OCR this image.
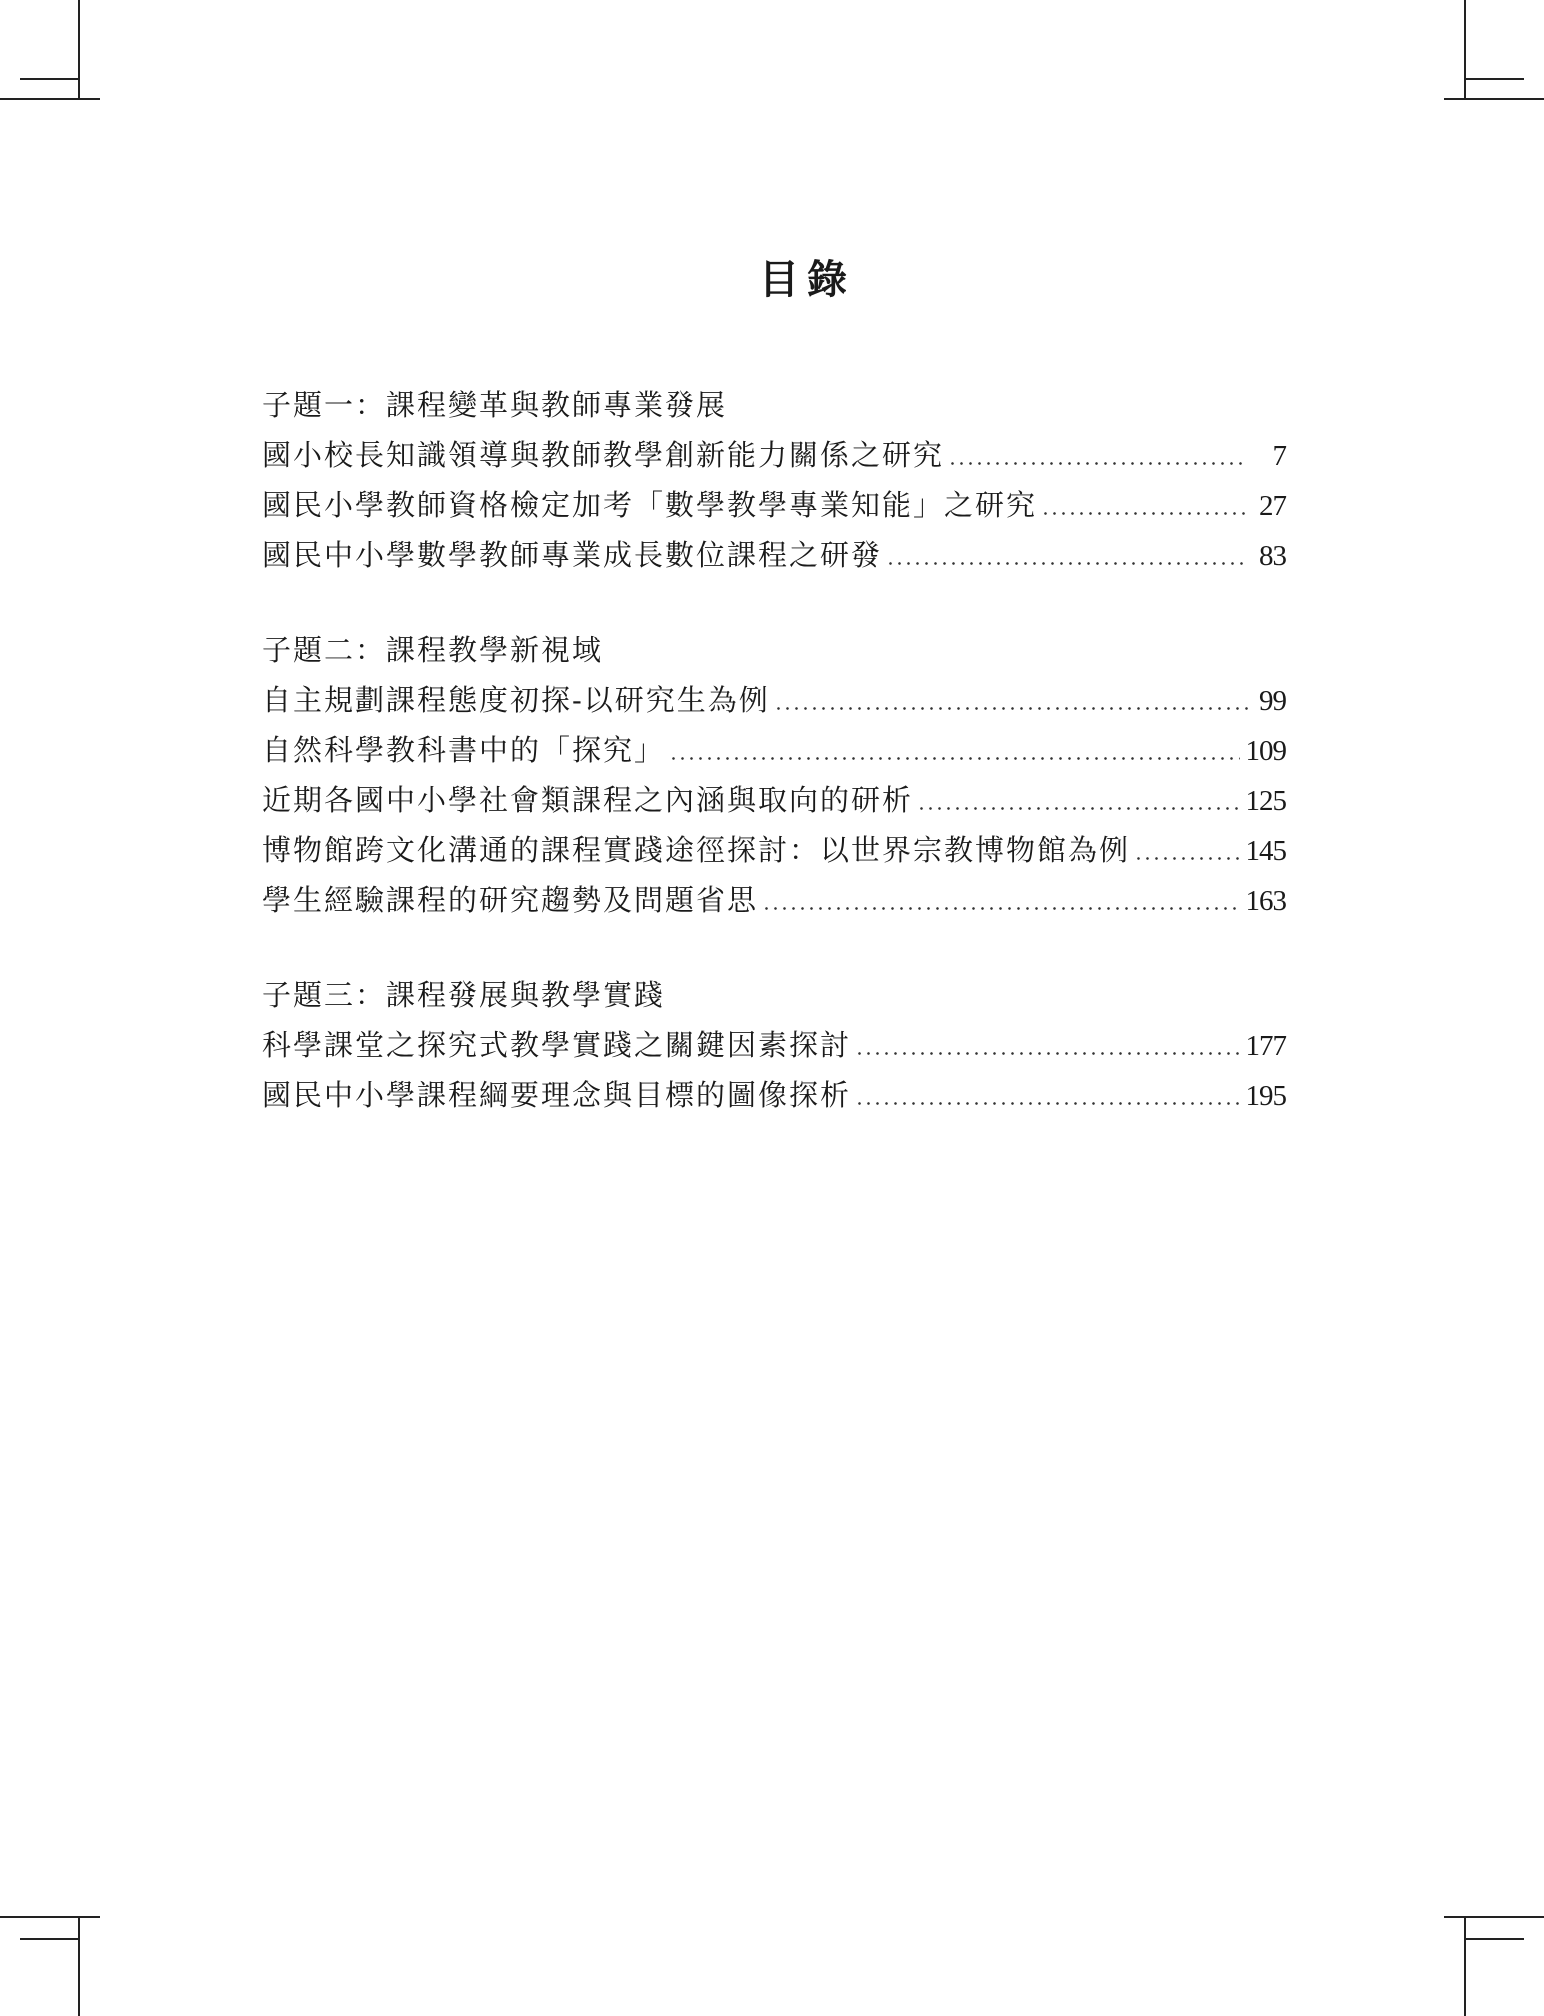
目錄
子題一：課程變革與教師專業發展
國小校長知識領導與教師教學創新能力關係之研究	7
國民小學教師資格檢定加考「數學教學專業知能」之研究	27
國民中小學數學教師專業成長數位課程之研發	83
子題二：課程教學新視域
自主規劃課程態度初探-以研究生為例	99
自然科學教科書中的「探究」	109
近期各國中小學社會類課程之內涵與取向的研析	125
博物館跨文化溝通的課程實踐途徑探討：以世界宗教博物館為例	145
學生經驗課程的研究趨勢及問題省思	163
子題三：課程發展與教學實踐
科學課堂之探究式教學實踐之關鍵因素探討	177
國民中小學課程綱要理念與目標的圖像探析	195
